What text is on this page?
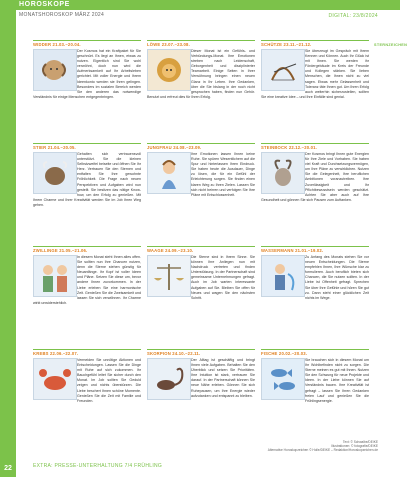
HOROSKOPE
MONATSHOROSKOP MÄRZ 2024	DIGITAL: 23/8/2024
STERNZEICHEN
WIDDER 21.03.–20.04.
Der Kosmos hat ein Kraftpaket für Sie geschnürt. Es liegt an Ihnen, etwas zu nutzen. Eigentlich sind Sie wohl verwöhnt, doch nun wird die Aufmerksamkeit auf Ihr Arbeitsleben gerichtet. Mit voller Energie und Ihrem Ideenkonto werden sie Ihren gelingen. Besonders im sozialen Bereich werden Sie den anderen das notwendige Verständnis für einige Menschen entgegenbringen.
LÖWE 23.07.–23.08.
Dieser Monat ist ein Gefühls- und Verbündungs-Monat. Ihre Emotionen streben nach Leidenschaft, Geborgenheit und disziplinierter Teamarbeit. Einige Seiten in Ihrer Verwöhnung bringen einen neuen Glanz in Ihr Leben. Ihre Gedanken, über die Sie bislang in der noch nicht gesprochen haben, finden nun Gehör. Benutzt und erfreut dies für Ihren Erfolg.
SCHÜTZE 23.11.–21.12.
Sie überzeugt im Gespräch mit Ihrem Kennen und Können. Auch Ihr Glück ist mit Ihnen. Sie werden ihr Fördergebäude im Kreis der Freunde und Kollegen stärken. Sie lieben Menschen, die Ihnen nicht zu viel sagen. Etwas mehr Gelassenheit und Toleranz täte Ihnen gut. Um Ihren Erfolg auch weiterhin sicherzustellen, sollten Sie eine kreative Idee – und Ihre Einfälle sind genial.
STIER 21.04.–20.05.
Gehalten sich vertrauensvoll unterstützt. Sie die kleinen Selbstzweifel beiseite und öffnen Sie Ihr Herz. Vertrauen Sie den Sternen und entfalten Sie Ihre gewohnte Fröhlichkeit. Die Frage nach neuen Perspektiven und Aufgaben wird nun gestellt. Sie besitzen das nötige Know-how, um den Erfolg zu genießen. Mit Ihrem Charme und Ihrer Kreativität werden Sie im Job Ihren Weg gehen.
JUNGFRAU 24.08.–23.09.
Ihre Emotionen lassen Ihnen keine Ruhe. Sie spüren Wesentlichem auf die Spur und hinterlassen Ihren Eindruck. Sie haben heute die Ausdauer, Dinge zu lösen, die für ein Gefühl der Erleichterung sorgen. Sie finden einen klaren Weg zu Ihren Zielen. Lassen Sie sich nicht beirren und verfolgen Sie Ihre Pläne mit Entschlossenheit.
STEINBOCK 22.12.–20.01.
Der Kosmos bringt Ihnen gute Energien für Ihre Ziele und Vorhaben. Sie haben viel Kraft und Durchsetzungsvermögen, um Ihre Pläne zu verwirklichen. Nutzen Sie die Gelegenheit, Ihre beruflichen Ambitionen voranzutreiben. Ihre Zuverlässigkeit und Ihr Pflichtbewusstsein werden geschätzt. Achten Sie aber auch auf Ihre Gesundheit und gönnen Sie sich Pausen zum Auftanken.
ZWILLINGE 21.05.–21.06.
In diesem Monat steht Ihnen alles offen. Sie sollten nun Ihre Chancen nutzen, denn die Sterne stehen günstig für Neuanfänge. Ihr Kopf ist voller Ideen und Pläne. Setzen Sie diese um, bevor andere Ihnen zuvorkommen. In der Liebe erleben Sie eine harmonische Zeit. Genießen Sie die Zweisamkeit und lassen Sie sich verwöhnen. Ihr Charme wirkt unwiderstehlich.
WAAGE 24.09.–23.10.
Die Sterne sind in Ihrem Sinne. Sie können Ihre Anliegen nun mit Nachdruck vertreten und finden Unterstützung. In der Partnerschaft sind gemeinsame Unternehmungen gefragt. Auch im Job warten interessante Aufgaben auf Sie. Bleiben Sie offen für Neues und wagen Sie den nächsten Schritt.
WASSERMANN 21.01.–19.02.
Zu Anfang des Monats stehen Sie vor neuen Entscheidungen. Die Sterne empfehlen Ihnen, Ihre Wünsche klar zu formulieren. Auch beruflich bieten sich Chancen, die Sie nutzen sollten. In der Liebe ist Offenheit gefragt. Sprechen Sie über Ihre Gefühle und hören Sie gut zu. Dann steht einer glücklichen Zeit nichts im Wege.
KREBS 22.06.–22.07.
Vermeiden Sie unnötige Aktionen und Entscheidungen. Lassen Sie die Dinge mit Ruhe auf sich zukommen. Ihr Bauchgefühl leitet Sie sicher durch den Monat. Im Job sollten Sie Geduld zeigen und nichts überstürzen. Die Liebe beschert Ihnen schöne Momente. Genießen Sie die Zeit mit Familie und Freunden.
SKORPION 24.10.–22.11.
Der Alltag ist geschäftig und bringt Ihnen viele Aufgaben. Behalten Sie den Überblick und setzen Sie Prioritäten. Ihre Intuition ist stark, vertrauen Sie darauf. In der Partnerschaft können Sie neue Nähe erleben. Gönnen Sie sich Ruhepausen, um Ihre Energie wieder aufzutanken und entspannt zu bleiben.
FISCHE 20.02.–20.03.
Sie brauchen sich in diesem Monat um Ihr Wohlbefinden nicht zu sorgen. Die Sterne meinen es gut mit Ihnen. Nutzen Sie den Schwung für neue Projekte und Ideen. In der Liebe können Sie auf Verständnis bauen. Ihre Kreativität ist gefragt – lassen Sie Ihren Gedanken freien Lauf und genießen Sie die Frühlingsenergie.
Text: © Schwalbe/DEIKE
Illustrationen: © fotografie/DEIKE
Alternative Horoskopzeichen © Holle/DEIKE – Redaktion/Horoskopzeichen.de
22	EXTRA: PRESSE-UNTERHALTUNG 7/4 FRÜHLING
